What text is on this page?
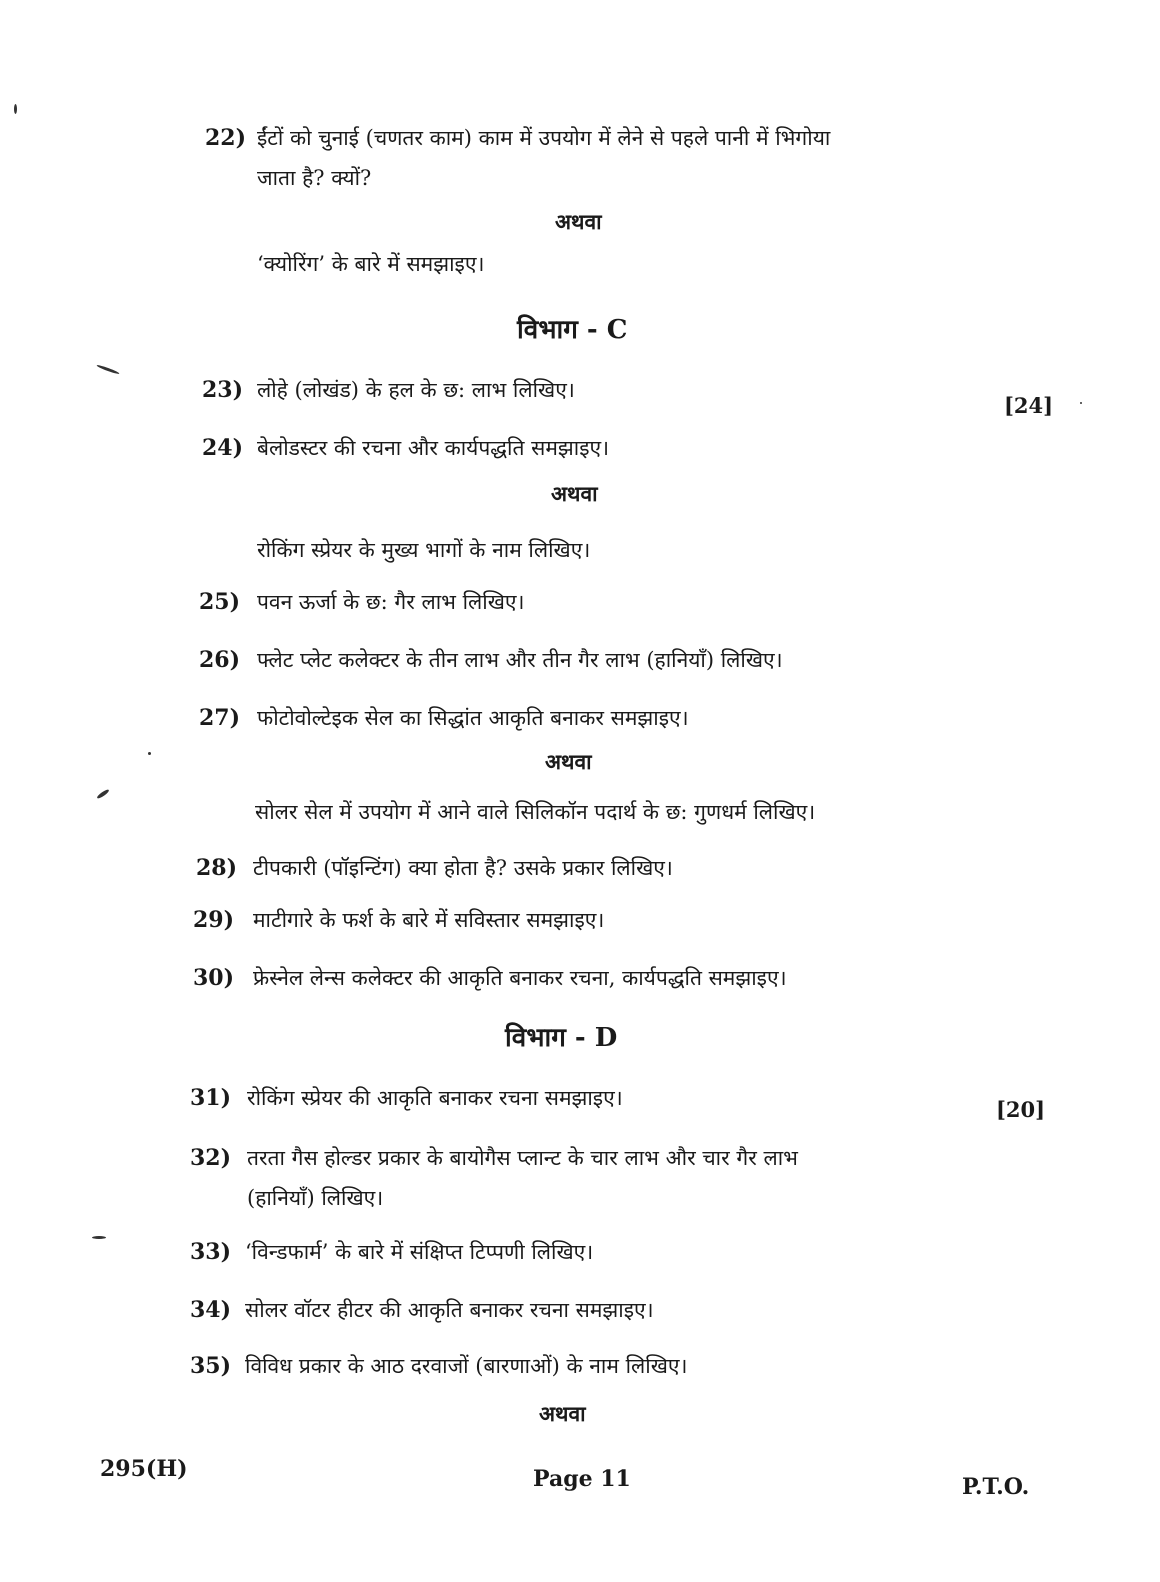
22) ईंटों को चुनाई (चणतर काम) काम में उपयोग में लेने से पहले पानी में भिगोया
जाता है? क्यों?
अथवा
‘क्योरिंग’ के बारे में समझाइए।
विभाग - C
[24]
23) लोहे (लोखंड) के हल के छ: लाभ लिखिए।
24) बेलोडस्टर की रचना और कार्यपद्धति समझाइए।
अथवा
रोकिंग स्प्रेयर के मुख्य भागों के नाम लिखिए।
25) पवन ऊर्जा के छ: गैर लाभ लिखिए।
26) फ्लेट प्लेट कलेक्टर के तीन लाभ और तीन गैर लाभ (हानियाँ) लिखिए।
27) फोटोवोल्टेइक सेल का सिद्धांत आकृति बनाकर समझाइए।
अथवा
सोलर सेल में उपयोग में आने वाले सिलिकॉन पदार्थ के छ: गुणधर्म लिखिए।
28) टीपकारी (पॉइन्टिंग) क्या होता है? उसके प्रकार लिखिए।
29) माटीगारे के फर्श के बारे में सविस्तार समझाइए।
30) फ्रेस्नेल लेन्स कलेक्टर की आकृति बनाकर रचना, कार्यपद्धति समझाइए।
विभाग - D
[20]
31) रोकिंग स्प्रेयर की आकृति बनाकर रचना समझाइए।
32) तरता गैस होल्डर प्रकार के बायोगैस प्लान्ट के चार लाभ और चार गैर लाभ
(हानियाँ) लिखिए।
33) ‘विन्डफार्म’ के बारे में संक्षिप्त टिप्पणी लिखिए।
34) सोलर वॉटर हीटर की आकृति बनाकर रचना समझाइए।
35) विविध प्रकार के आठ दरवाजों (बारणाओं) के नाम लिखिए।
अथवा
295(H)	Page 11	P.T.O.
